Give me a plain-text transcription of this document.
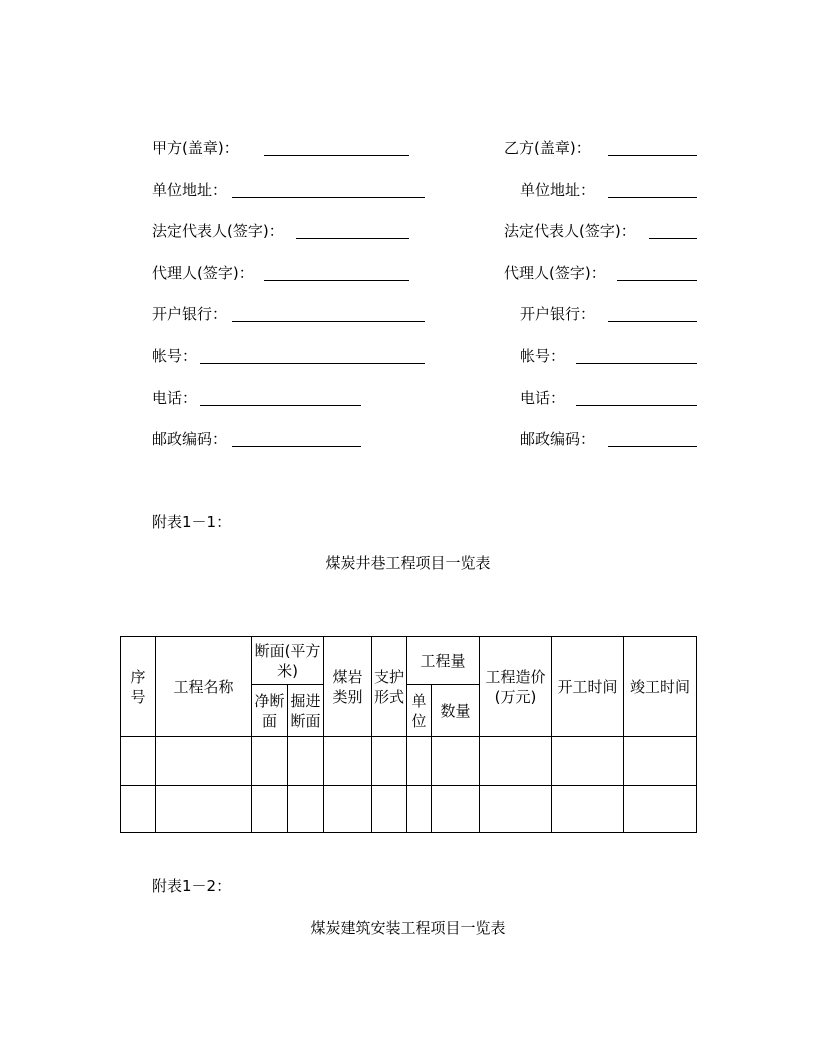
甲方(盖章)：
单位地址：
法定代表人(签字)：
代理人(签字)：
开户银行：
帐号：
电话：
邮政编码：
乙方(盖章)：
单位地址：
法定代表人(签字)：
代理人(签字)：
开户银行：
帐号：
电话：
邮政编码：
附表1－1：
煤炭井巷工程项目一览表
序号	工程名称	断面(平方米)		煤岩类别	支护形式	工程量		工程造价(万元)	开工时间	竣工时间
		净断面	掘进断面			单位	数量			

附表1－2：
煤炭建筑安装工程项目一览表
